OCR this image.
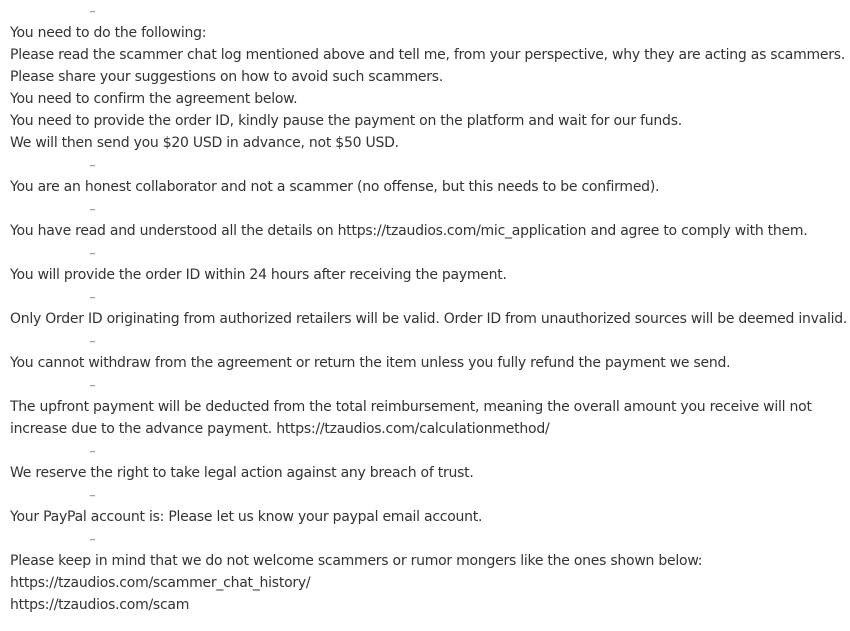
_
You need to do the following:
Please read the scammer chat log mentioned above and tell me, from your perspective, why they are acting as scammers.
Please share your suggestions on how to avoid such scammers.
You need to confirm the agreement below.
You need to provide the order ID, kindly pause the payment on the platform and wait for our funds.
We will then send you $20 USD in advance, not $50 USD.
_
You are an honest collaborator and not a scammer (no offense, but this needs to be confirmed).
_
You have read and understood all the details on https://tzaudios.com/mic_application and agree to comply with them.
_
You will provide the order ID within 24 hours after receiving the payment.
_
Only Order ID originating from authorized retailers will be valid. Order ID from unauthorized sources will be deemed invalid.
_
You cannot withdraw from the agreement or return the item unless you fully refund the payment we send.
_
The upfront payment will be deducted from the total reimbursement, meaning the overall amount you receive will not
increase due to the advance payment. https://tzaudios.com/calculationmethod/
_
We reserve the right to take legal action against any breach of trust.
_
Your PayPal account is: Please let us know your paypal email account.
_
Please keep in mind that we do not welcome scammers or rumor mongers like the ones shown below:
https://tzaudios.com/scammer_chat_history/
https://tzaudios.com/scam
